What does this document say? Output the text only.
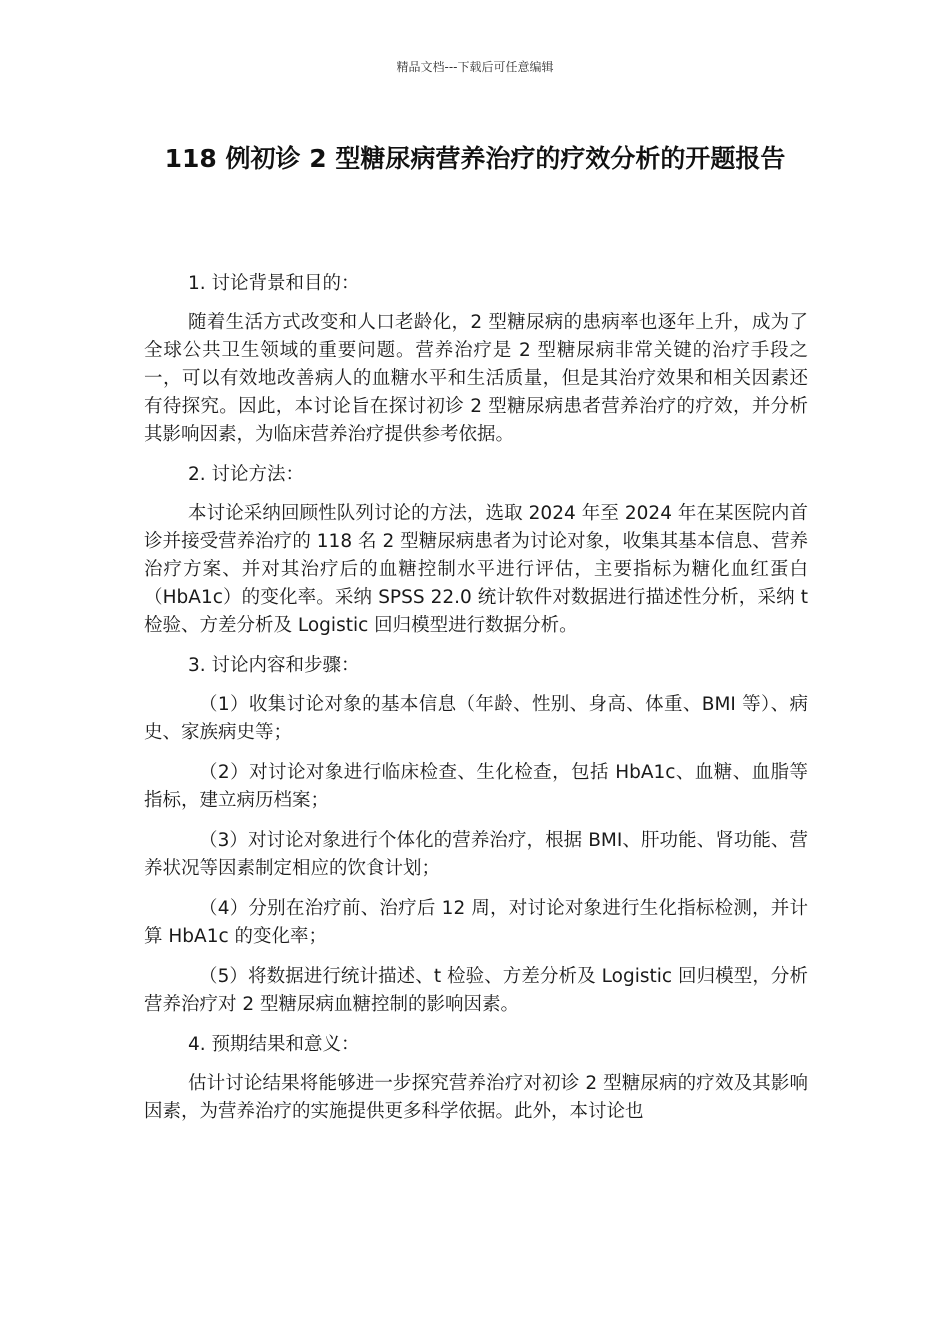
精品文档---下载后可任意编辑
118 例初诊 2 型糖尿病营养治疗的疗效分析的开题报告

1. 讨论背景和目的：

随着生活方式改变和人口老龄化，2 型糖尿病的患病率也逐年上升，成为了全球公共卫生领域的重要问题。营养治疗是 2 型糖尿病非常关键的治疗手段之一，可以有效地改善病人的血糖水平和生活质量，但是其治疗效果和相关因素还有待探究。因此，本讨论旨在探讨初诊 2 型糖尿病患者营养治疗的疗效，并分析其影响因素，为临床营养治疗提供参考依据。

2. 讨论方法：

本讨论采纳回顾性队列讨论的方法，选取 2024 年至 2024 年在某医院内首诊并接受营养治疗的 118 名 2 型糖尿病患者为讨论对象，收集其基本信息、营养治疗方案、并对其治疗后的血糖控制水平进行评估，主要指标为糖化血红蛋白（HbA1c）的变化率。采纳 SPSS 22.0 统计软件对数据进行描述性分析，采纳 t 检验、方差分析及 Logistic 回归模型进行数据分析。

3. 讨论内容和步骤：

（1）收集讨论对象的基本信息（年龄、性别、身高、体重、BMI 等）、病史、家族病史等；

（2）对讨论对象进行临床检查、生化检查，包括 HbA1c、血糖、血脂等指标，建立病历档案；

（3）对讨论对象进行个体化的营养治疗，根据 BMI、肝功能、肾功能、营养状况等因素制定相应的饮食计划；

（4）分别在治疗前、治疗后 12 周，对讨论对象进行生化指标检测，并计算 HbA1c 的变化率；

（5）将数据进行统计描述、t 检验、方差分析及 Logistic 回归模型，分析营养治疗对 2 型糖尿病血糖控制的影响因素。

4. 预期结果和意义：

估计讨论结果将能够进一步探究营养治疗对初诊 2 型糖尿病的疗效及其影响因素，为营养治疗的实施提供更多科学依据。此外，本讨论也
